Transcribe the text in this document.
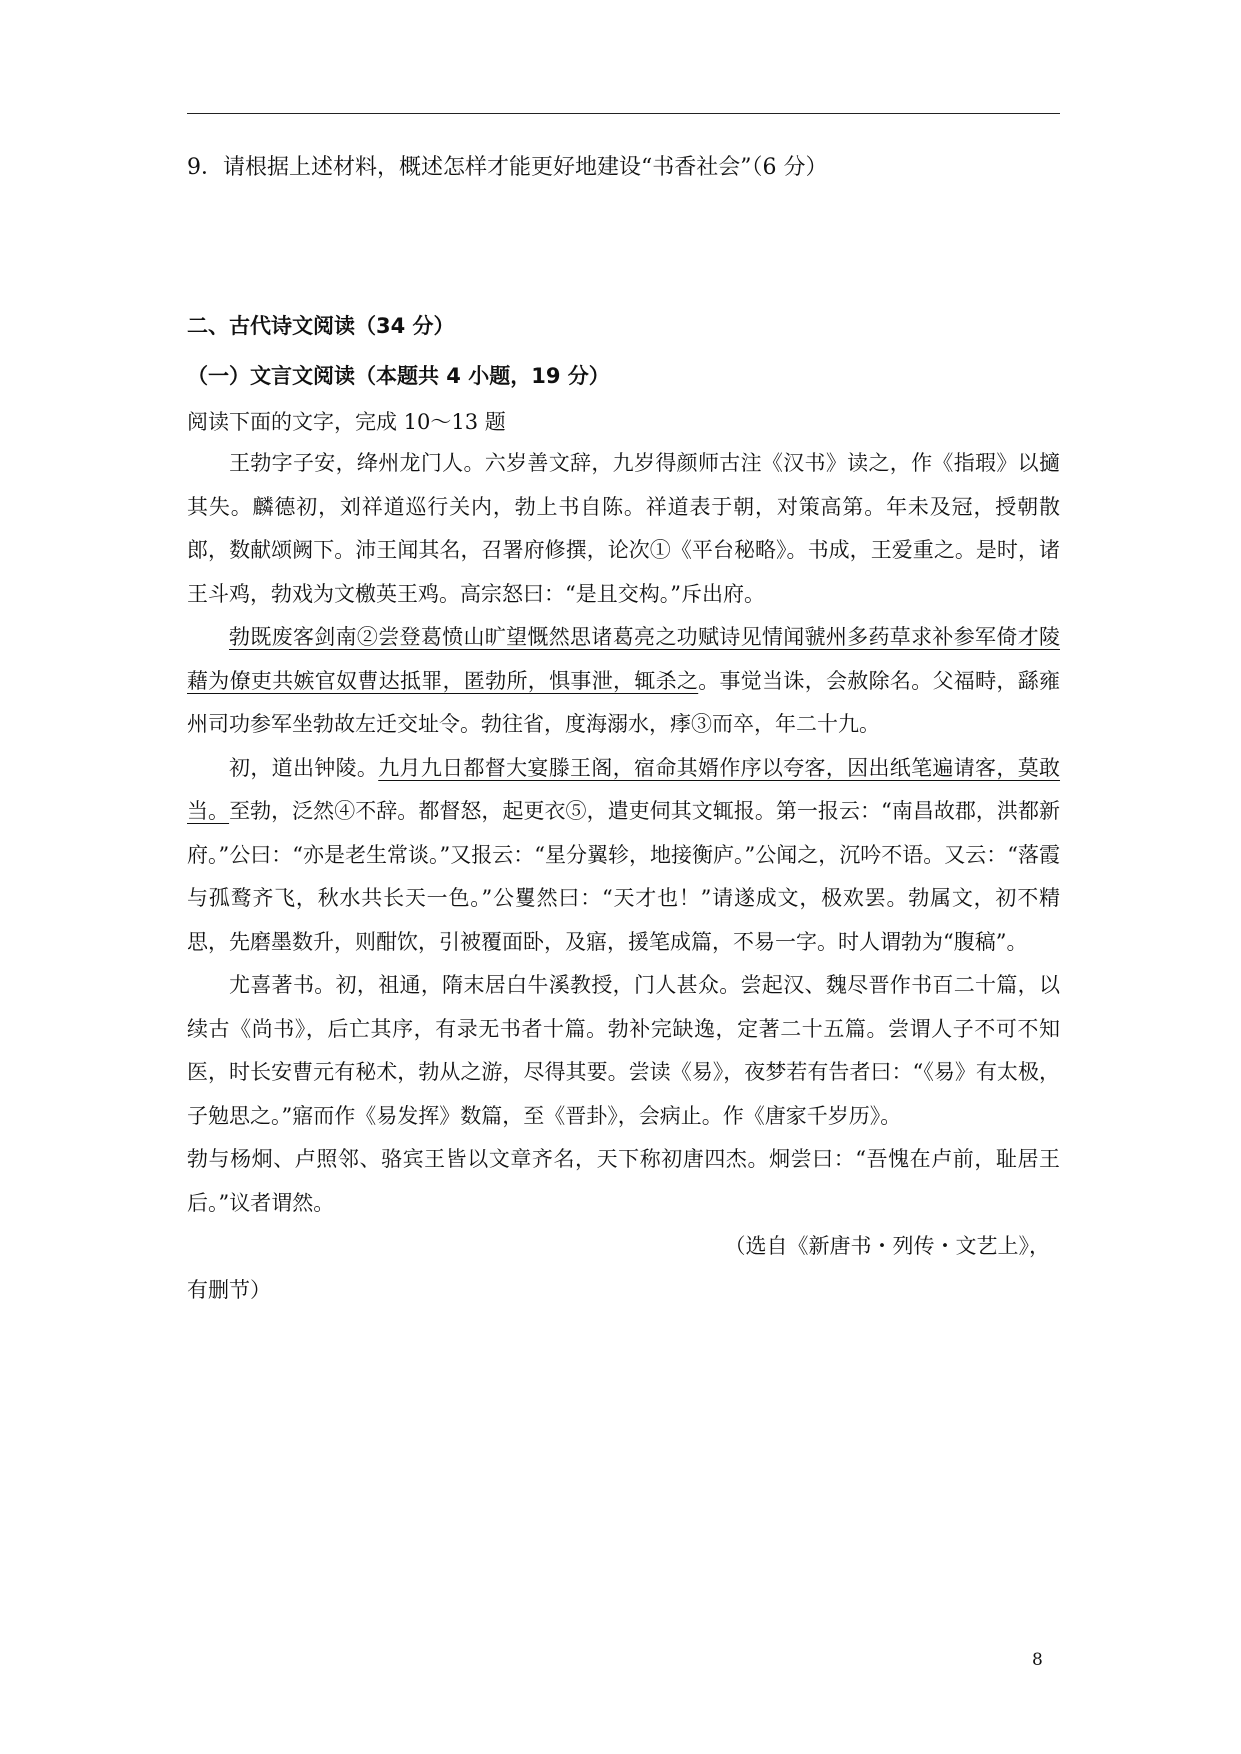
9．请根据上述材料，概述怎样才能更好地建设“书香社会”（6 分）

二、古代诗文阅读（34 分）

（一）文言文阅读（本题共 4 小题，19 分）

阅读下面的文字，完成 10～13 题

王勃字子安，绛州龙门人。六岁善文辞，九岁得颜师古注《汉书》读之，作《指瑕》以擿其失。麟德初，刘祥道巡行关内，勃上书自陈。祥道表于朝，对策高第。年未及冠，授朝散郎，数献颂阙下。沛王闻其名，召署府修撰，论次①《平台秘略》。书成，王爱重之。是时，诸王斗鸡，勃戏为文檄英王鸡。高宗怒曰：“是且交构。”斥出府。

勃既废客剑南②尝登葛愤山旷望慨然思诸葛亮之功赋诗见情闻虢州多药草求补参军倚才陵藉为僚吏共嫉官奴曹达抵罪，匿勃所，惧事泄，辄杀之。事觉当诛，会赦除名。父福畤，繇雍州司功参军坐勃故左迁交址令。勃往省，度海溺水，痵③而卒，年二十九。

初，道出钟陵。九月九日都督大宴滕王阁，宿命其婿作序以夸客，因出纸笔遍请客，莫敢当。至勃，泛然④不辞。都督怒，起更衣⑤，遣吏伺其文辄报。第一报云：“南昌故郡，洪都新府。”公曰：“亦是老生常谈。”又报云：“星分翼轸，地接衡庐。”公闻之，沉吟不语。又云：“落霞与孤鹜齐飞，秋水共长天一色。”公矍然曰：“天才也！”请遂成文，极欢罢。勃属文，初不精思，先磨墨数升，则酣饮，引被覆面卧，及寤，援笔成篇，不易一字。时人谓勃为“腹稿”。

尤喜著书。初，祖通，隋末居白牛溪教授，门人甚众。尝起汉、魏尽晋作书百二十篇，以续古《尚书》，后亡其序，有录无书者十篇。勃补完缺逸，定著二十五篇。尝谓人子不可不知医，时长安曹元有秘术，勃从之游，尽得其要。尝读《易》，夜梦若有告者曰：“《易》有太极，子勉思之。”寤而作《易发挥》数篇，至《晋卦》，会病止。作《唐家千岁历》。

勃与杨炯、卢照邻、骆宾王皆以文章齐名，天下称初唐四杰。炯尝曰：“吾愧在卢前，耻居王后。”议者谓然。

（选自《新唐书・列传・文艺上》，

有删节）

8
